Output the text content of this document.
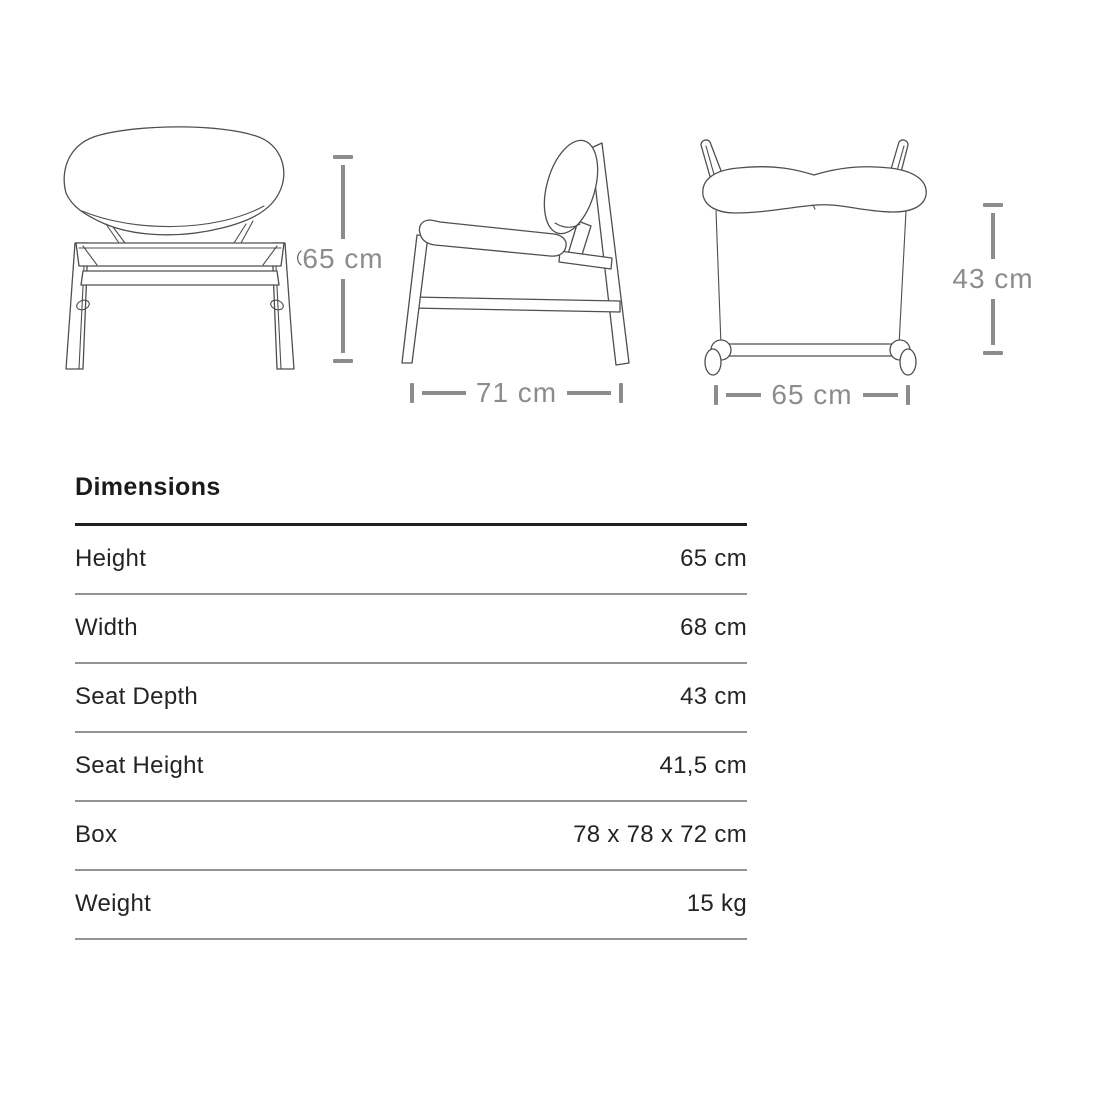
65 cm
71 cm	65 cm
43 cm
Dimensions
Height	65 cm
Width	68 cm
Seat Depth	43 cm
Seat Height	41,5 cm
Box	78 x 78 x 72 cm
Weight	15 kg
